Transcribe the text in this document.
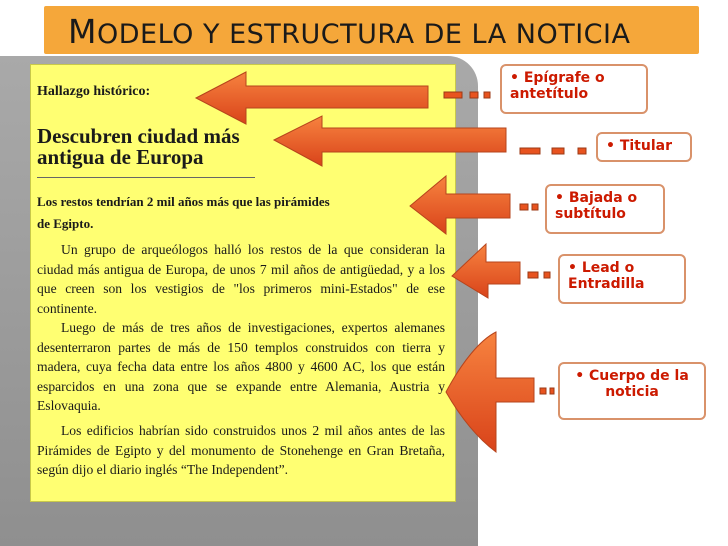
MODELO Y ESTRUCTURA DE LA NOTICIA
Hallazgo histórico:
Descubren ciudad más
antigua de Europa
Los restos tendrían 2 mil años más que las pirámides
de Egipto.

Un grupo de arqueólogos halló los restos de la que consideran la ciudad más antigua de Europa, de unos 7 mil años de antigüedad, y a los que creen son los vestigios de "los primeros mini-Estados" de ese continente.

Luego de más de tres años de investigaciones, expertos alemanes desenterraron partes de más de 150 templos construidos con tierra y madera, cuya fecha data entre los años 4800 y 4600 AC, los que están esparcidos en una zona que se expande entre Alemania, Austria y Eslovaquia.

Los edificios habrían sido construidos unos 2 mil años antes de las Pirámides de Egipto y del monumento de Stonehenge en Gran Bretaña, según dijo el diario inglés “The Independent”.

• Epígrafe o antetítulo
• Titular
• Bajada o subtítulo
• Lead o Entradilla
• Cuerpo de la noticia
